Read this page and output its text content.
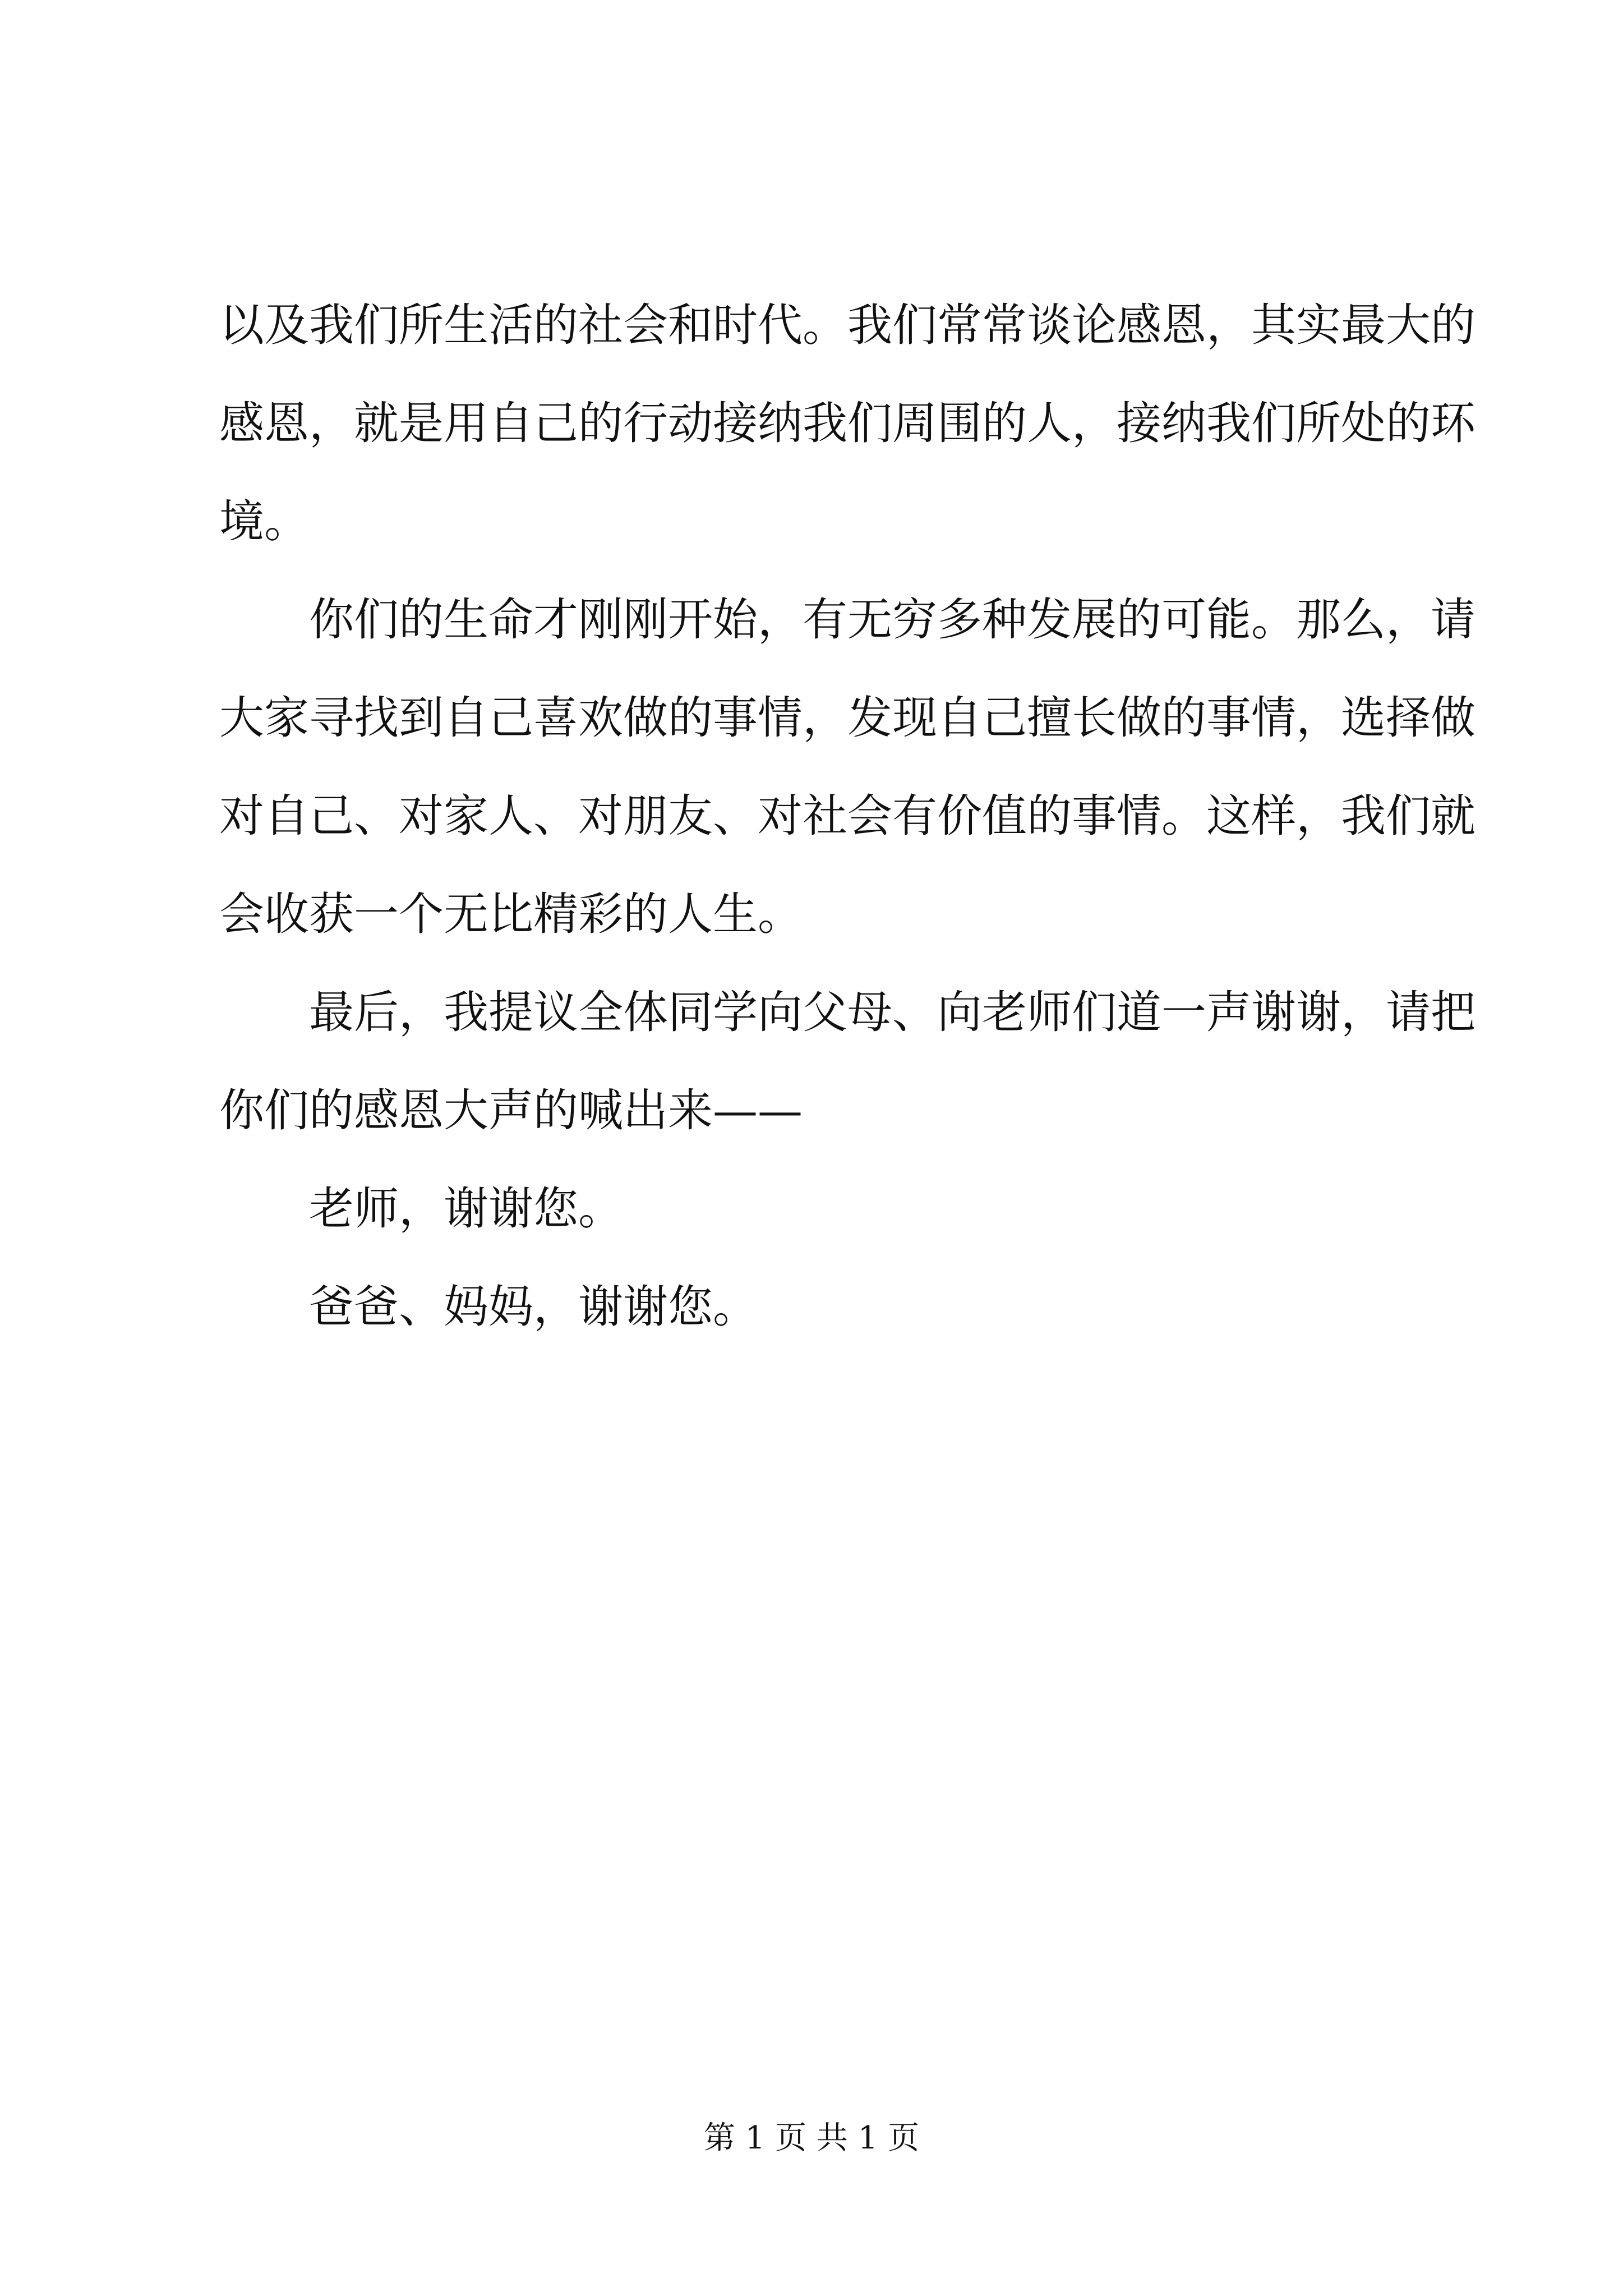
以及我们所生活的社会和时代。我们常常谈论感恩，其实最大的
感恩，就是用自己的行动接纳我们周围的人，接纳我们所处的环
境。
你们的生命才刚刚开始，有无穷多种发展的可能。那么，请
大家寻找到自己喜欢做的事情，发现自己擅长做的事情，选择做
对自己、对家人、对朋友、对社会有价值的事情。这样，我们就
会收获一个无比精彩的人生。
最后，我提议全体同学向父母、向老师们道一声谢谢，请把
你们的感恩大声的喊出来——
老师，谢谢您。
爸爸、妈妈，谢谢您。
第 1 页 共 1 页
